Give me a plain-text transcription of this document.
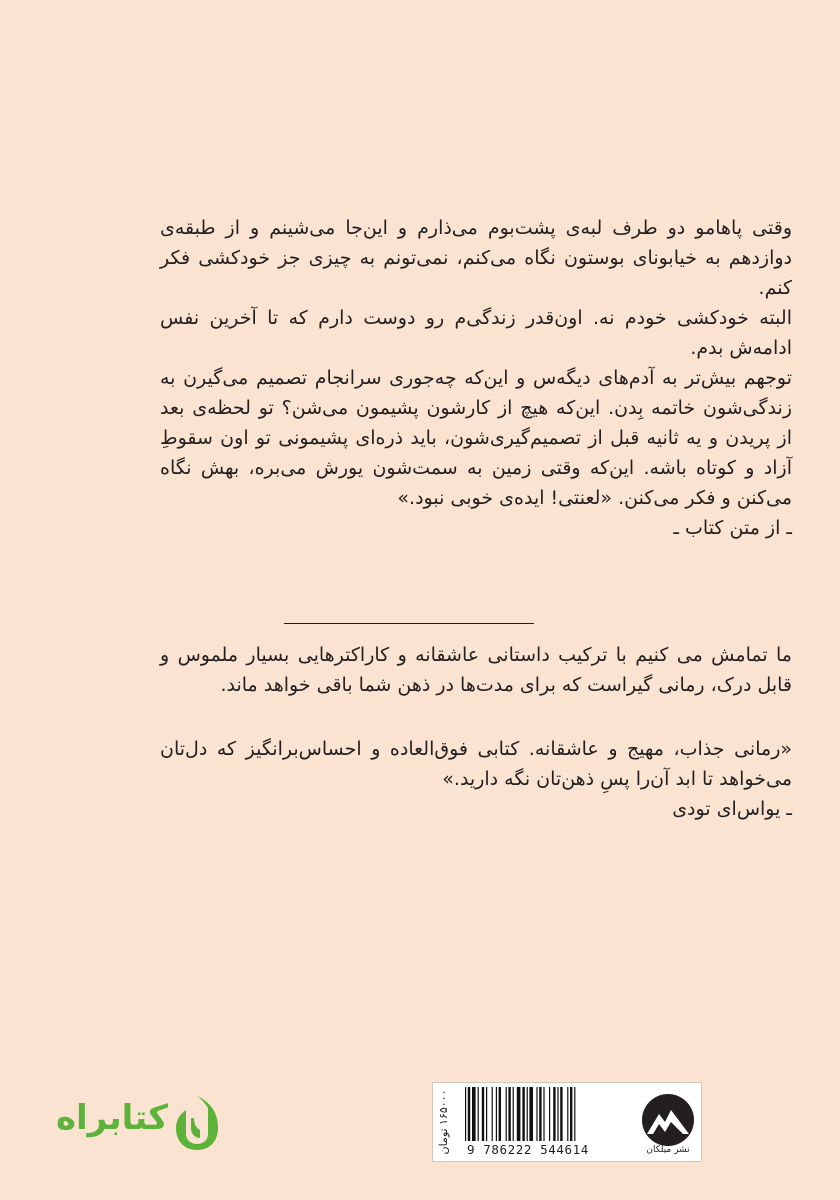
وقتی پاهامو دو طرف لبه‌ی پشت‌بوم می‌ذارم و این‌جا می‌شینم و از طبقه‌ی دوازدهم به خیابونای بوستون نگاه می‌کنم، نمی‌تونم به چیزی جز خودکشی فکر کنم.

البته خودکشی خودم نه. اون‌قدر زندگی‌م رو دوست دارم که تا آخرین نفس ادامه‌ش بدم.

توجهم بیش‌تر به آدم‌های دیگه‌س و این‌که چه‌جوری سرانجام تصمیم می‌گیرن به زندگی‌شون خاتمه بِدن. این‌که هیچ از کارشون پشیمون می‌شن؟ تو لحظه‌ی بعد از پریدن و یه ثانیه قبل از تصمیم‌گیری‌شون، باید ذره‌ای پشیمونی تو اون سقوطِ آزاد و کوتاه باشه. این‌که وقتی زمین به سمت‌شون یورش می‌بره، بهش نگاه می‌کنن و فکر می‌کنن. «لعنتی! ایده‌ی خوبی نبود.»

ـ از متن کتاب ـ

ما تمامش می کنیم با ترکیب داستانی عاشقانه و کاراکترهایی بسیار ملموس و قابل درک، رمانی گیراست که برای مدت‌ها در ذهن شما باقی خواهد ماند.

«رمانی جذاب، مهیج و عاشقانه. کتابی فوق‌العاده و احساس‌برانگیز که دل‌تان می‌خواهد تا ابد آن‌را پسِ ذهن‌تان نگه دارید.»

ـ یواس‌ای تودی

کتابراه
۱۶۵۰۰۰ تومان
9 786222 544614	نشر میلکان
